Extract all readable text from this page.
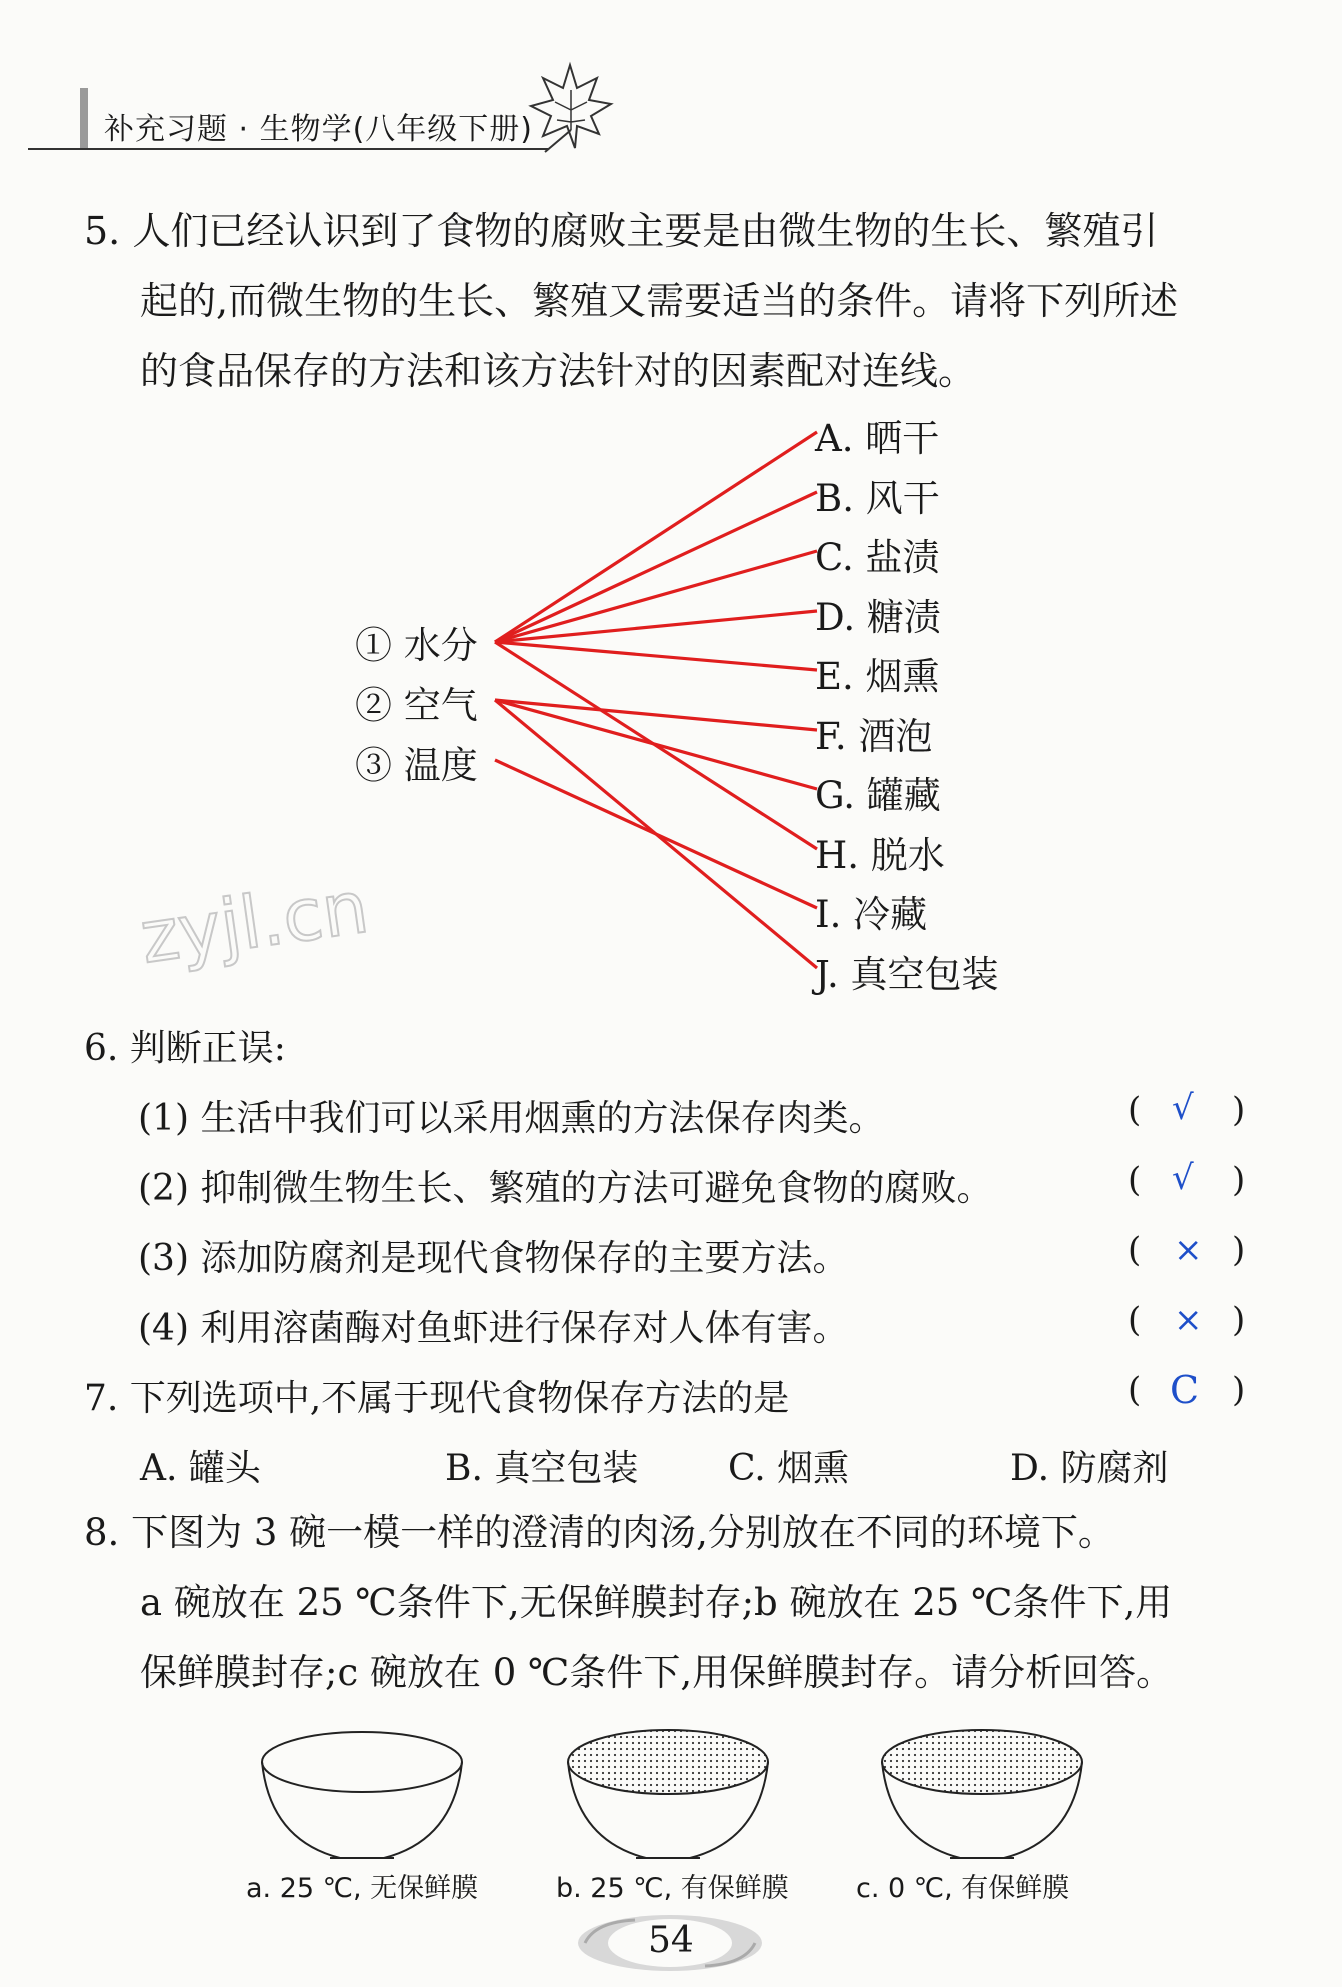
补充习题 · 生物学(八年级下册)
5. 人们已经认识到了食物的腐败主要是由微生物的生长、繁殖引
起的,而微生物的生长、繁殖又需要适当的条件。请将下列所述
的食品保存的方法和该方法针对的因素配对连线。
① 水分
② 空气
③ 温度
A. 晒干
B. 风干
C. 盐渍
D. 糖渍
E. 烟熏
F. 酒泡
G. 罐藏
H. 脱水
I. 冷藏
J. 真空包装
zyjl.cn
6. 判断正误:
(1) 生活中我们可以采用烟熏的方法保存肉类。	( √ )
(2) 抑制微生物生长、繁殖的方法可避免食物的腐败。	( √ )
(3) 添加防腐剂是现代食物保存的主要方法。	( × )
(4) 利用溶菌酶对鱼虾进行保存对人体有害。	( × )
7. 下列选项中,不属于现代食物保存方法的是	( C )
A. 罐头	B. 真空包装 C. 烟熏	D. 防腐剂
8. 下图为 3 碗一模一样的澄清的肉汤,分别放在不同的环境下。
a 碗放在 25 ℃条件下,无保鲜膜封存;b 碗放在 25 ℃条件下,用
保鲜膜封存;c 碗放在 0 ℃条件下,用保鲜膜封存。请分析回答。
a. 25 ℃, 无保鲜膜	b. 25 ℃, 有保鲜膜 c. 0 ℃, 有保鲜膜
54
